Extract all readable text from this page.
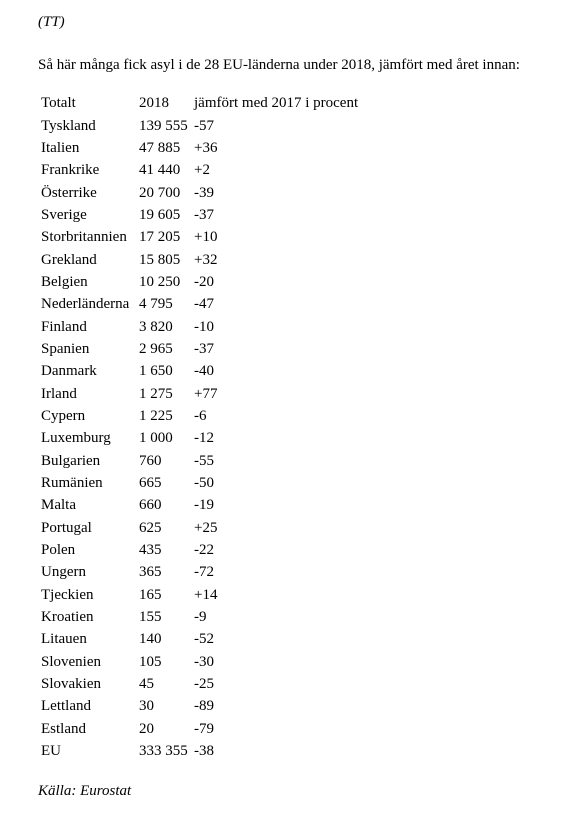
(TT)
Så här många fick asyl i de 28 EU-länderna under 2018, jämfört med året innan:
Totalt	2018	jämfört med 2017 i procent
Tyskland	139 555	-57
Italien	47 885	+36
Frankrike	41 440	+2
Österrike	20 700	-39
Sverige	19 605	-37
Storbritannien	17 205	+10
Grekland	15 805	+32
Belgien	10 250	-20
Nederländerna	4 795	-47
Finland	3 820	-10
Spanien	2 965	-37
Danmark	1 650	-40
Irland	1 275	+77
Cypern	1 225	-6
Luxemburg	1 000	-12
Bulgarien	760	-55
Rumänien	665	-50
Malta	660	-19
Portugal	625	+25
Polen	435	-22
Ungern	365	-72
Tjeckien	165	+14
Kroatien	155	-9
Litauen	140	-52
Slovenien	105	-30
Slovakien	45	-25
Lettland	30	-89
Estland	20	-79
EU	333 355	-38
Källa: Eurostat
